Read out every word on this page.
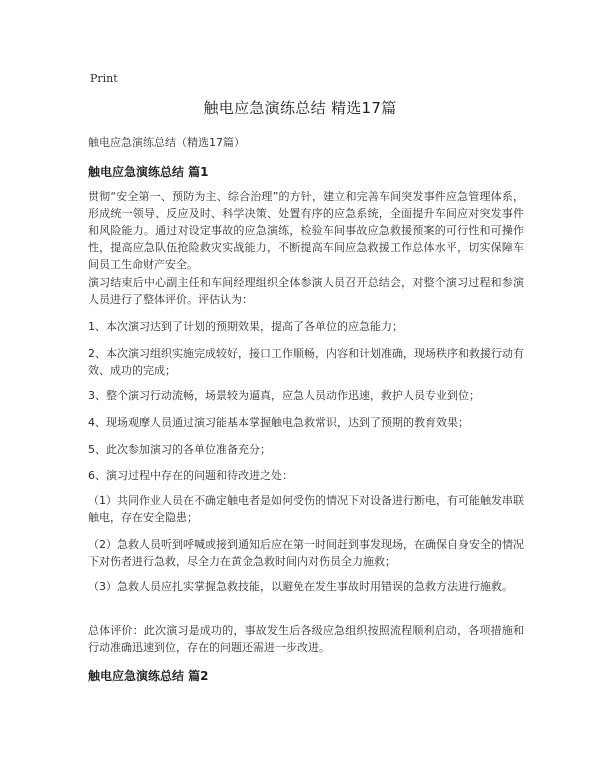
Print
触电应急演练总结 精选17篇
触电应急演练总结（精选17篇）
触电应急演练总结 篇1
贯彻“安全第一、预防为主、综合治理”的方针，建立和完善车间突发事件应急管理体系，形成统一领导、反应及时、科学决策、处置有序的应急系统，全面提升车间应对突发事件和风险能力。通过对设定事故的应急演练，检验车间事故应急救援预案的可行性和可操作性，提高应急队伍抢险救灾实战能力，不断提高车间应急救援工作总体水平，切实保障车间员工生命财产安全。
演习结束后中心副主任和车间经理组织全体参演人员召开总结会，对整个演习过程和参演人员进行了整体评价。评估认为：
1、本次演习达到了计划的预期效果，提高了各单位的应急能力；
2、本次演习组织实施完成较好，接口工作顺畅，内容和计划准确，现场秩序和救援行动有效、成功的完成；
3、整个演习行动流畅，场景较为逼真，应急人员动作迅速，救护人员专业到位；
4、现场观摩人员通过演习能基本掌握触电急救常识，达到了预期的教育效果；
5、此次参加演习的各单位准备充分；
6、演习过程中存在的问题和待改进之处：
（1）共同作业人员在不确定触电者是如何受伤的情况下对设备进行断电，有可能触发串联触电，存在安全隐患；
（2）急救人员听到呼喊或接到通知后应在第一时间赶到事发现场，在确保自身安全的情况下对伤者进行急救，尽全力在黄金急救时间内对伤员全力施救；
（3）急救人员应扎实掌握急救技能，以避免在发生事故时用错误的急救方法进行施救。
总体评价：此次演习是成功的，事故发生后各级应急组织按照流程顺利启动，各项措施和行动准确迅速到位，存在的问题还需进一步改进。
触电应急演练总结 篇2
